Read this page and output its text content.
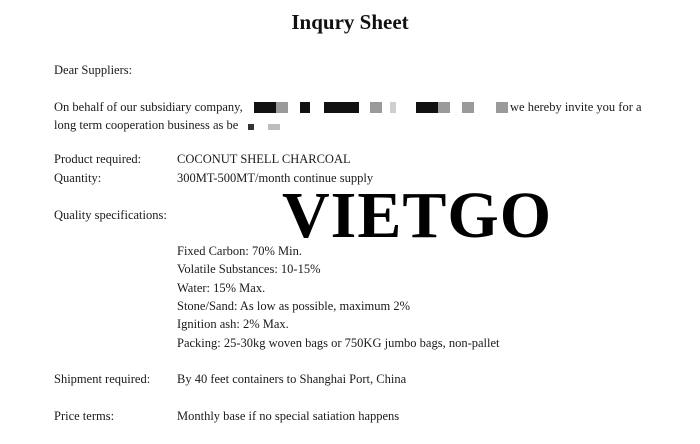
Inqury Sheet
Dear Suppliers:
On behalf of our subsidiary company,	we hereby invite you for a
long term cooperation business as be
Product required:	COCONUT SHELL CHARCOAL
Quantity:	300MT-500MT/month continue supply
Quality specifications:
Fixed Carbon: 70% Min.
Volatile Substances: 10-15%
Water: 15% Max.
Stone/Sand: As low as possible, maximum 2%
Ignition ash: 2% Max.
Packing: 25-30kg woven bags or 750KG jumbo bags, non-pallet
Shipment required: By 40 feet containers to Shanghai Port, China
Price terms:	Monthly base if no special satiation happens
VIETGO
